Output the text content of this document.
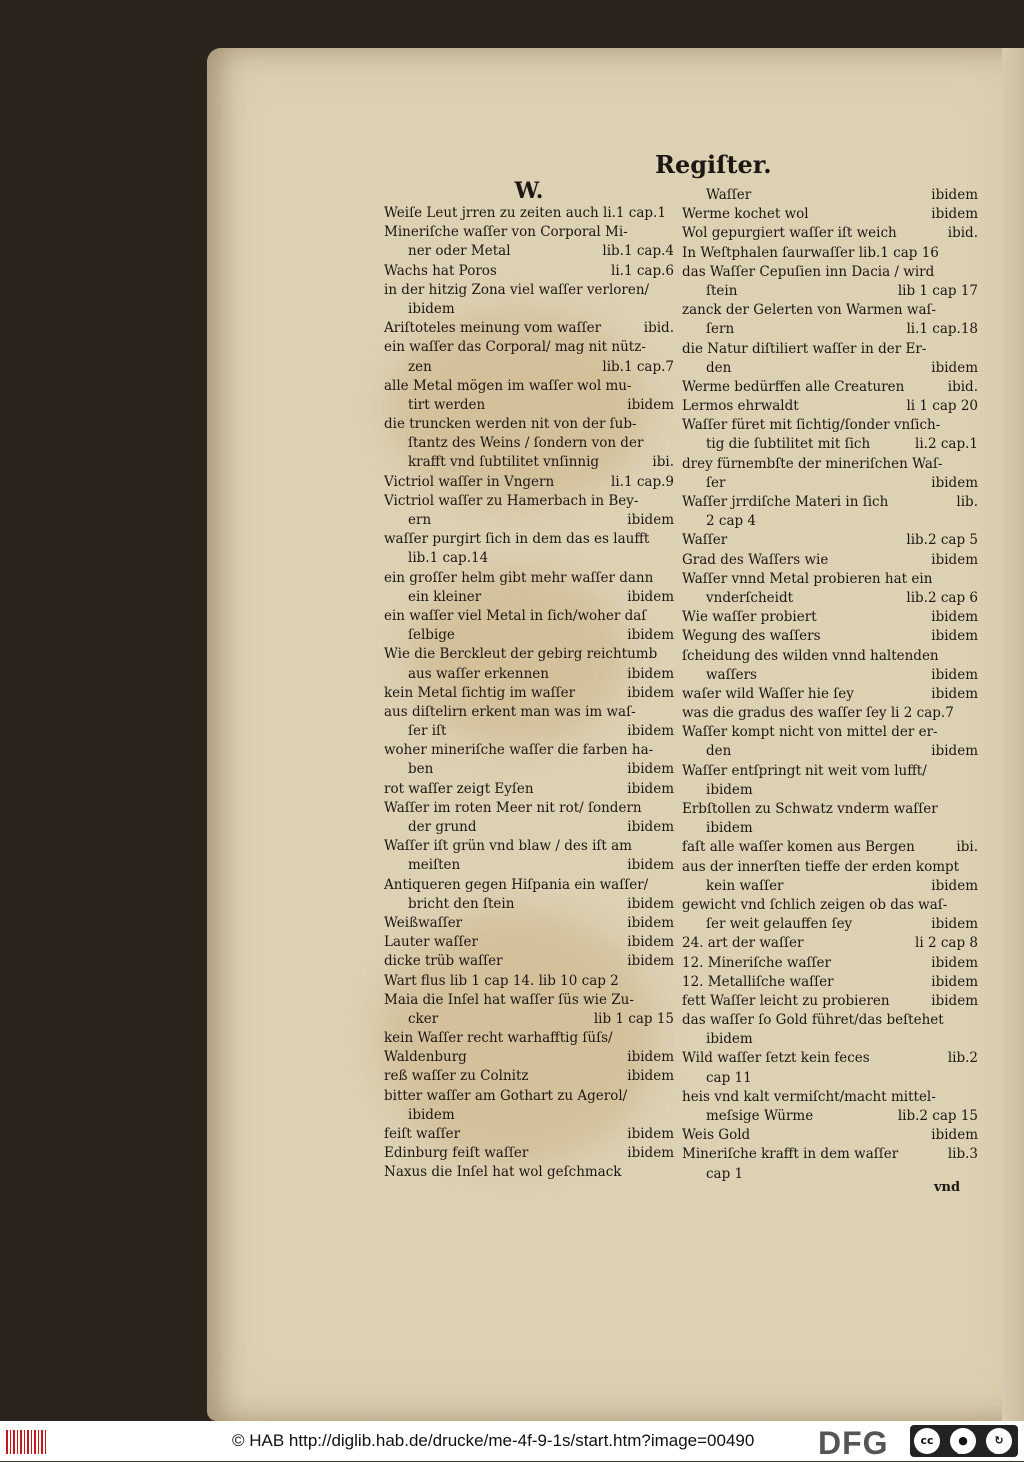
Regiſter.
W.
Weiſe Leut jrren zu zeiten auch li.1 cap.1
Mineriſche waſſer von Corporal Mi-
ner oder Metal	lib.1 cap.4
Wachs hat Poros	li.1 cap.6
in der hitzig Zona viel waſſer verloren/
ibidem
Ariſtoteles meinung vom waſſer	ibid.
ein waſſer das Corporal/ mag nit nütz-
zen	lib.1 cap.7
alle Metal mögen im waſſer wol mu-
tirt werden	ibidem
die truncken werden nit von der ſub-
ſtantz des Weins / ſondern von der
krafft vnd ſubtilitet vnſinnig	ibi.
Victriol waſſer in Vngern	li.1 cap.9
Victriol waſſer zu Hamerbach in Bey-
ern	ibidem
waſſer purgirt ſich in dem das es laufft
lib.1 cap.14
ein groſſer helm gibt mehr waſſer dann
ein kleiner	ibidem
ein waſſer viel Metal in ſich/woher daſ
ſelbige	ibidem
Wie die Berckleut der gebirg reichtumb
aus waſſer erkennen	ibidem
kein Metal ſichtig im waſſer	ibidem
aus diſtelirn erkent man was im waſ-
ſer iſt	ibidem
woher mineriſche waſſer die farben ha-
ben	ibidem
rot waſſer zeigt Eyſen	ibidem
Waſſer im roten Meer nit rot/ ſondern
der grund	ibidem
Waſſer iſt grün vnd blaw / des iſt am
meiſten	ibidem
Antiqueren gegen Hiſpania ein waſſer/
bricht den ſtein	ibidem
Weißwaſſer	ibidem
Lauter waſſer	ibidem
dicke trüb waſſer	ibidem
Wart flus lib 1 cap 14. lib 10 cap 2
Maia die Inſel hat waſſer ſüs wie Zu-
cker	lib 1 cap 15
kein Waſſer recht warhafftig ſüſs/
Waldenburg	ibidem
reß waſſer zu Colnitz	ibidem
bitter waſſer am Gothart zu Agerol/
ibidem
feiſt waſſer	ibidem
Edinburg feiſt waſſer	ibidem
Naxus die Inſel hat wol geſchmack
Waſſer	ibidem
Werme kochet wol	ibidem
Wol gepurgiert waſſer iſt weich	ibid.
In Weſtphalen ſaurwaſſer lib.1 cap 16
das Waſſer Cepuſien inn Dacia / wird
ſtein	lib 1 cap 17
zanck der Gelerten von Warmen waſ-
ſern	li.1 cap.18
die Natur diſtiliert waſſer in der Er-
den	ibidem
Werme bedürffen alle Creaturen	ibid.
Lermos ehrwaldt	li 1 cap 20
Waſſer füret mit ſichtig/ſonder vnſich-
tig die ſubtilitet mit ſich	li.2 cap.1
drey fürnembſte der mineriſchen Waſ-
ſer	ibidem
Waſſer jrrdiſche Materi in ſich	lib.
2 cap 4
Waſſer	lib.2 cap 5
Grad des Waſſers wie	ibidem
Waſſer vnnd Metal probieren hat ein
vnderſcheidt	lib.2 cap 6
Wie waſſer probiert	ibidem
Wegung des waſſers	ibidem
ſcheidung des wilden vnnd haltenden
waſſers	ibidem
waſer wild Waſſer hie ſey	ibidem
was die gradus des waſſer ſey li 2 cap.7
Waſſer kompt nicht von mittel der er-
den	ibidem
Waſſer entſpringt nit weit vom lufft/
ibidem
Erbſtollen zu Schwatz vnderm waſſer
ibidem
faſt alle waſſer komen aus Bergen	ibi.
aus der innerſten tieffe der erden kompt
kein waſſer	ibidem
gewicht vnd ſchlich zeigen ob das waſ-
ſer weit gelauffen ſey	ibidem
24. art der waſſer	li 2 cap 8
12. Mineriſche waſſer	ibidem
12. Metalliſche waſſer	ibidem
fett Waſſer leicht zu probieren	ibidem
das waſſer ſo Gold führet/das beſtehet
ibidem
Wild waſſer ſetzt kein feces	lib.2
cap 11
heis vnd kalt vermiſcht/macht mittel-
meſsige Würme	lib.2 cap 15
Weis Gold	ibidem
Mineriſche krafft in dem waſſer	lib.3
cap 1
vnd
© HAB http://diglib.hab.de/drucke/me-4f-9-1s/start.htm?image=00490 DFG	cc	●
BY
↻
SA
